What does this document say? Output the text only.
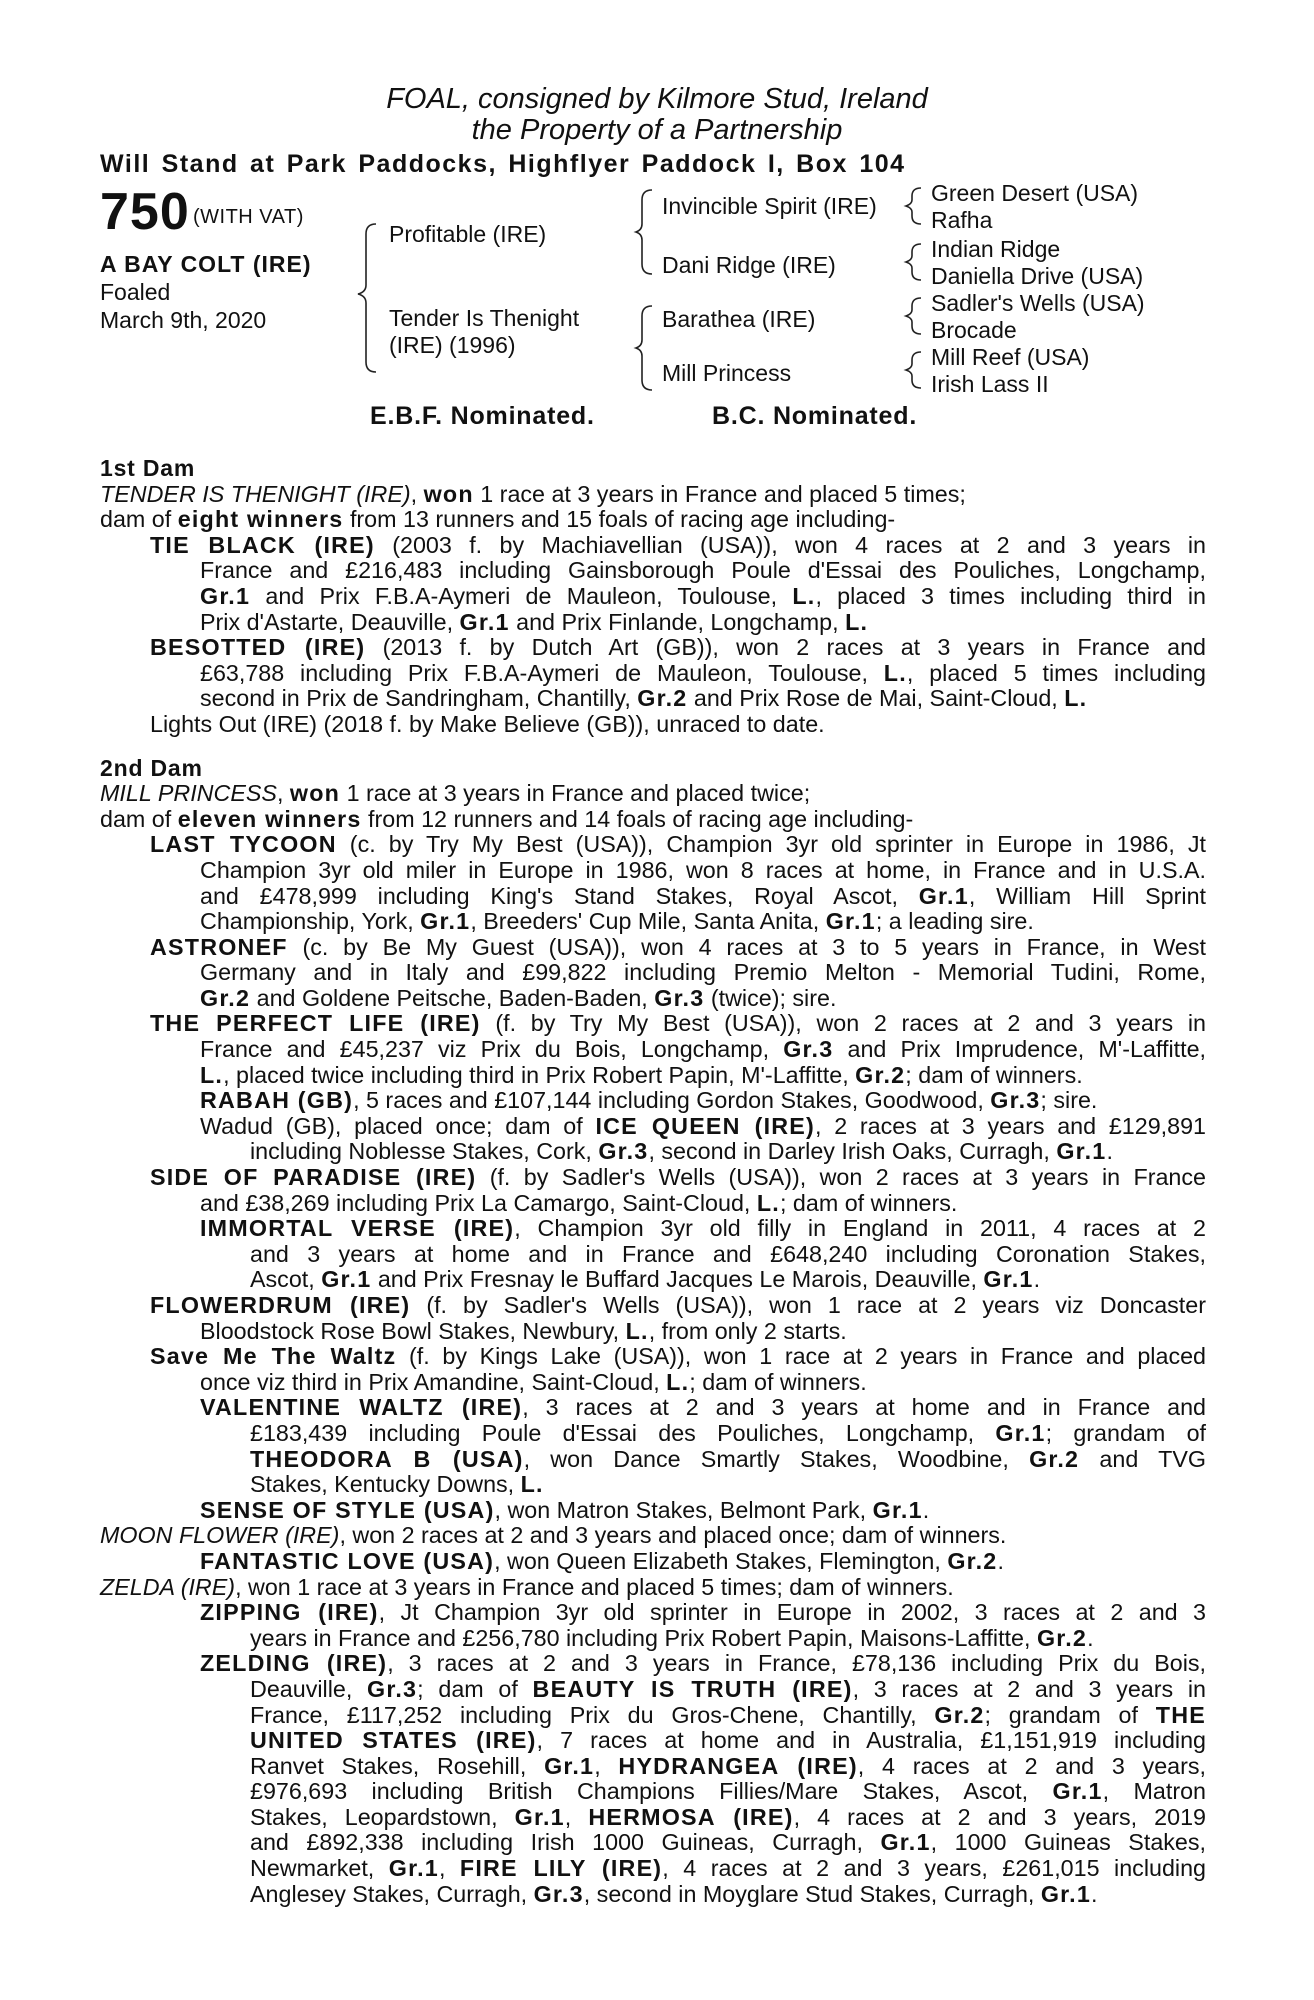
FOAL, consigned by Kilmore Stud, Ireland
the Property of a Partnership
Will Stand at Park Paddocks, Highflyer Paddock I, Box 104
750 (WITH VAT)
A BAY COLT (IRE)
Foaled
March 9th, 2020
Profitable (IRE)
Tender Is Thenight (IRE) (1996)
Invincible Spirit (IRE)
Dani Ridge (IRE)
Barathea (IRE)
Mill Princess
Green Desert (USA)
Rafha
Indian Ridge
Daniella Drive (USA)
Sadler's Wells (USA)
Brocade
Mill Reef (USA)
Irish Lass II
E.B.F. Nominated.	B.C. Nominated.
1st Dam
TENDER IS THENIGHT (IRE), won 1 race at 3 years in France and placed 5 times;
dam of eight winners from 13 runners and 15 foals of racing age including-
TIE BLACK (IRE) (2003 f. by Machiavellian (USA)), won 4 races at 2 and 3 years in
France and £216,483 including Gainsborough Poule d'Essai des Pouliches, Longchamp,
Gr.1 and Prix F.B.A-Aymeri de Mauleon, Toulouse, L., placed 3 times including third in
Prix d'Astarte, Deauville, Gr.1 and Prix Finlande, Longchamp, L.
BESOTTED (IRE) (2013 f. by Dutch Art (GB)), won 2 races at 3 years in France and
£63,788 including Prix F.B.A-Aymeri de Mauleon, Toulouse, L., placed 5 times including
second in Prix de Sandringham, Chantilly, Gr.2 and Prix Rose de Mai, Saint-Cloud, L.
Lights Out (IRE) (2018 f. by Make Believe (GB)), unraced to date.
2nd Dam
MILL PRINCESS, won 1 race at 3 years in France and placed twice;
dam of eleven winners from 12 runners and 14 foals of racing age including-
LAST TYCOON (c. by Try My Best (USA)), Champion 3yr old sprinter in Europe in 1986, Jt
Champion 3yr old miler in Europe in 1986, won 8 races at home, in France and in U.S.A.
and £478,999 including King's Stand Stakes, Royal Ascot, Gr.1, William Hill Sprint
Championship, York, Gr.1, Breeders' Cup Mile, Santa Anita, Gr.1; a leading sire.
ASTRONEF (c. by Be My Guest (USA)), won 4 races at 3 to 5 years in France, in West
Germany and in Italy and £99,822 including Premio Melton - Memorial Tudini, Rome,
Gr.2 and Goldene Peitsche, Baden-Baden, Gr.3 (twice); sire.
THE PERFECT LIFE (IRE) (f. by Try My Best (USA)), won 2 races at 2 and 3 years in
France and £45,237 viz Prix du Bois, Longchamp, Gr.3 and Prix Imprudence, M'-Laffitte,
L., placed twice including third in Prix Robert Papin, M'-Laffitte, Gr.2; dam of winners.
RABAH (GB), 5 races and £107,144 including Gordon Stakes, Goodwood, Gr.3; sire.
Wadud (GB), placed once; dam of ICE QUEEN (IRE), 2 races at 3 years and £129,891
including Noblesse Stakes, Cork, Gr.3, second in Darley Irish Oaks, Curragh, Gr.1.
SIDE OF PARADISE (IRE) (f. by Sadler's Wells (USA)), won 2 races at 3 years in France
and £38,269 including Prix La Camargo, Saint-Cloud, L.; dam of winners.
IMMORTAL VERSE (IRE), Champion 3yr old filly in England in 2011, 4 races at 2
and 3 years at home and in France and £648,240 including Coronation Stakes,
Ascot, Gr.1 and Prix Fresnay le Buffard Jacques Le Marois, Deauville, Gr.1.
FLOWERDRUM (IRE) (f. by Sadler's Wells (USA)), won 1 race at 2 years viz Doncaster
Bloodstock Rose Bowl Stakes, Newbury, L., from only 2 starts.
Save Me The Waltz (f. by Kings Lake (USA)), won 1 race at 2 years in France and placed
once viz third in Prix Amandine, Saint-Cloud, L.; dam of winners.
VALENTINE WALTZ (IRE), 3 races at 2 and 3 years at home and in France and
£183,439 including Poule d'Essai des Pouliches, Longchamp, Gr.1; grandam of
THEODORA B (USA), won Dance Smartly Stakes, Woodbine, Gr.2 and TVG
Stakes, Kentucky Downs, L.
SENSE OF STYLE (USA), won Matron Stakes, Belmont Park, Gr.1.
MOON FLOWER (IRE), won 2 races at 2 and 3 years and placed once; dam of winners.
FANTASTIC LOVE (USA), won Queen Elizabeth Stakes, Flemington, Gr.2.
ZELDA (IRE), won 1 race at 3 years in France and placed 5 times; dam of winners.
ZIPPING (IRE), Jt Champion 3yr old sprinter in Europe in 2002, 3 races at 2 and 3
years in France and £256,780 including Prix Robert Papin, Maisons-Laffitte, Gr.2.
ZELDING (IRE), 3 races at 2 and 3 years in France, £78,136 including Prix du Bois,
Deauville, Gr.3; dam of BEAUTY IS TRUTH (IRE), 3 races at 2 and 3 years in
France, £117,252 including Prix du Gros-Chene, Chantilly, Gr.2; grandam of THE
UNITED STATES (IRE), 7 races at home and in Australia, £1,151,919 including
Ranvet Stakes, Rosehill, Gr.1, HYDRANGEA (IRE), 4 races at 2 and 3 years,
£976,693 including British Champions Fillies/Mare Stakes, Ascot, Gr.1, Matron
Stakes, Leopardstown, Gr.1, HERMOSA (IRE), 4 races at 2 and 3 years, 2019
and £892,338 including Irish 1000 Guineas, Curragh, Gr.1, 1000 Guineas Stakes,
Newmarket, Gr.1, FIRE LILY (IRE), 4 races at 2 and 3 years, £261,015 including
Anglesey Stakes, Curragh, Gr.3, second in Moyglare Stud Stakes, Curragh, Gr.1.
